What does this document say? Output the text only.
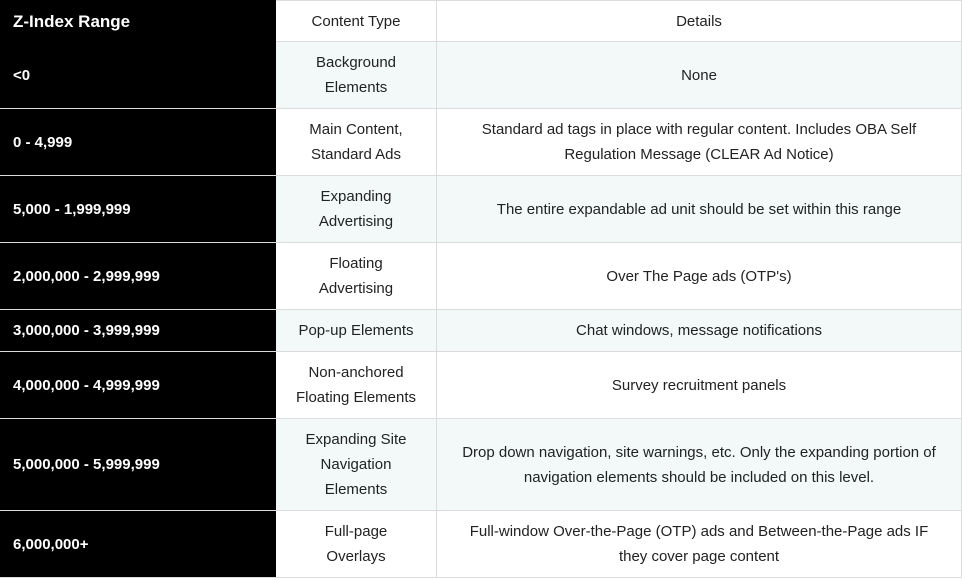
Z-Index Range	Content Type	Details
<0	Background Elements	None
0 - 4,999	Main Content, Standard Ads	Standard ad tags in place with regular content. Includes OBA Self Regulation Message (CLEAR Ad Notice)
5,000 - 1,999,999	Expanding Advertising	The entire expandable ad unit should be set within this range
2,000,000 - 2,999,999	Floating Advertising	Over The Page ads (OTP's)
3,000,000 - 3,999,999	Pop-up Elements	Chat windows, message notifications
4,000,000 - 4,999,999	Non-anchored Floating Elements	Survey recruitment panels
5,000,000 - 5,999,999	Expanding Site Navigation Elements	Drop down navigation, site warnings, etc. Only the expanding portion of navigation elements should be included on this level.
6,000,000+	Full-page Overlays	Full-window Over-the-Page (OTP) ads and Between-the-Page ads IF they cover page content
